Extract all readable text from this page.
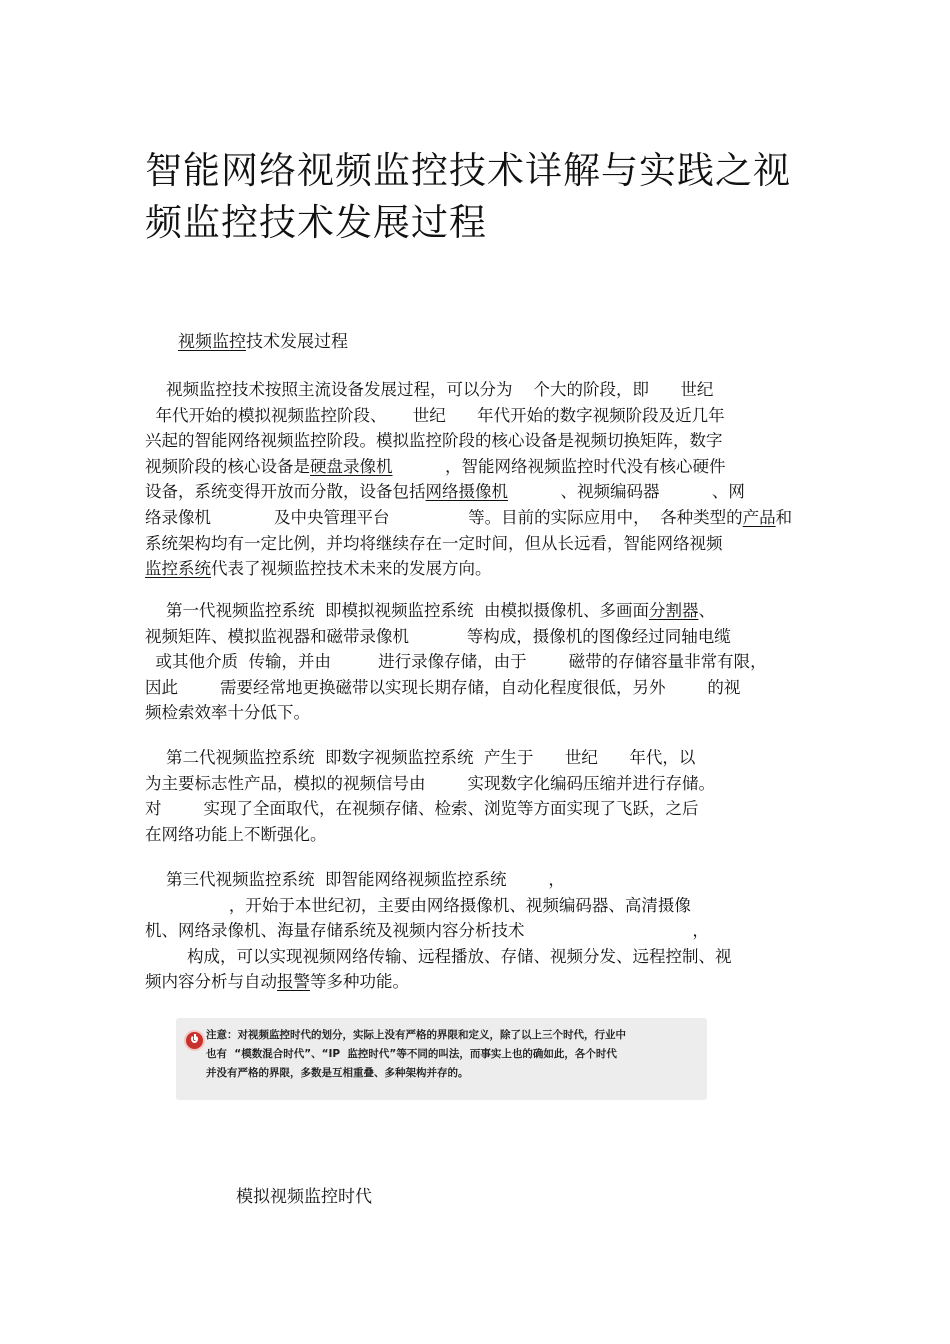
智能网络视频监控技术详解与实践之视
频监控技术发展过程
视频监控技术发展过程
视频监控技术按照主流设备发展过程，可以分为    个大的阶段，即      世纪
年代开始的模拟视频监控阶段、     世纪      年代开始的数字视频阶段及近几年
兴起的智能网络视频监控阶段。模拟监控阶段的核心设备是视频切换矩阵，数字
视频阶段的核心设备是硬盘录像机          ，智能网络视频监控时代没有核心硬件
设备，系统变得开放而分散，设备包括网络摄像机          、视频编码器          、网
络录像机            及中央管理平台               等。目前的实际应用中，  各种类型的产品和
系统架构均有一定比例，并均将继续存在一定时间，但从长远看，智能网络视频
监控系统代表了视频监控技术未来的发展方向。
第一代视频监控系统  即模拟视频监控系统  由模拟摄像机、多画面分割器、
视频矩阵、模拟监视器和磁带录像机           等构成，摄像机的图像经过同轴电缆
或其他介质  传输，并由         进行录像存储，由于        磁带的存储容量非常有限，
因此        需要经常地更换磁带以实现长期存储，自动化程度很低，另外        的视
频检索效率十分低下。
第二代视频监控系统  即数字视频监控系统  产生于      世纪      年代，以
为主要标志性产品，模拟的视频信号由        实现数字化编码压缩并进行存储。
对        实现了全面取代，在视频存储、检索、浏览等方面实现了飞跃，之后
在网络功能上不断强化。
第三代视频监控系统  即智能网络视频监控系统        ，
，开始于本世纪初，主要由网络摄像机、视频编码器、高清摄像
机、网络录像机、海量存储系统及视频内容分析技术                                ，
构成，可以实现视频网络传输、远程播放、存储、视频分发、远程控制、视
频内容分析与自动报警等多种功能。
注意：对视频监控时代的划分，实际上没有严格的界限和定义，除了以上三个时代，行业中
也有  “模数混合时代”、“IP  监控时代”等不同的叫法，而事实上也的确如此，各个时代
并没有严格的界限，多数是互相重叠、多种架构并存的。
模拟视频监控时代
